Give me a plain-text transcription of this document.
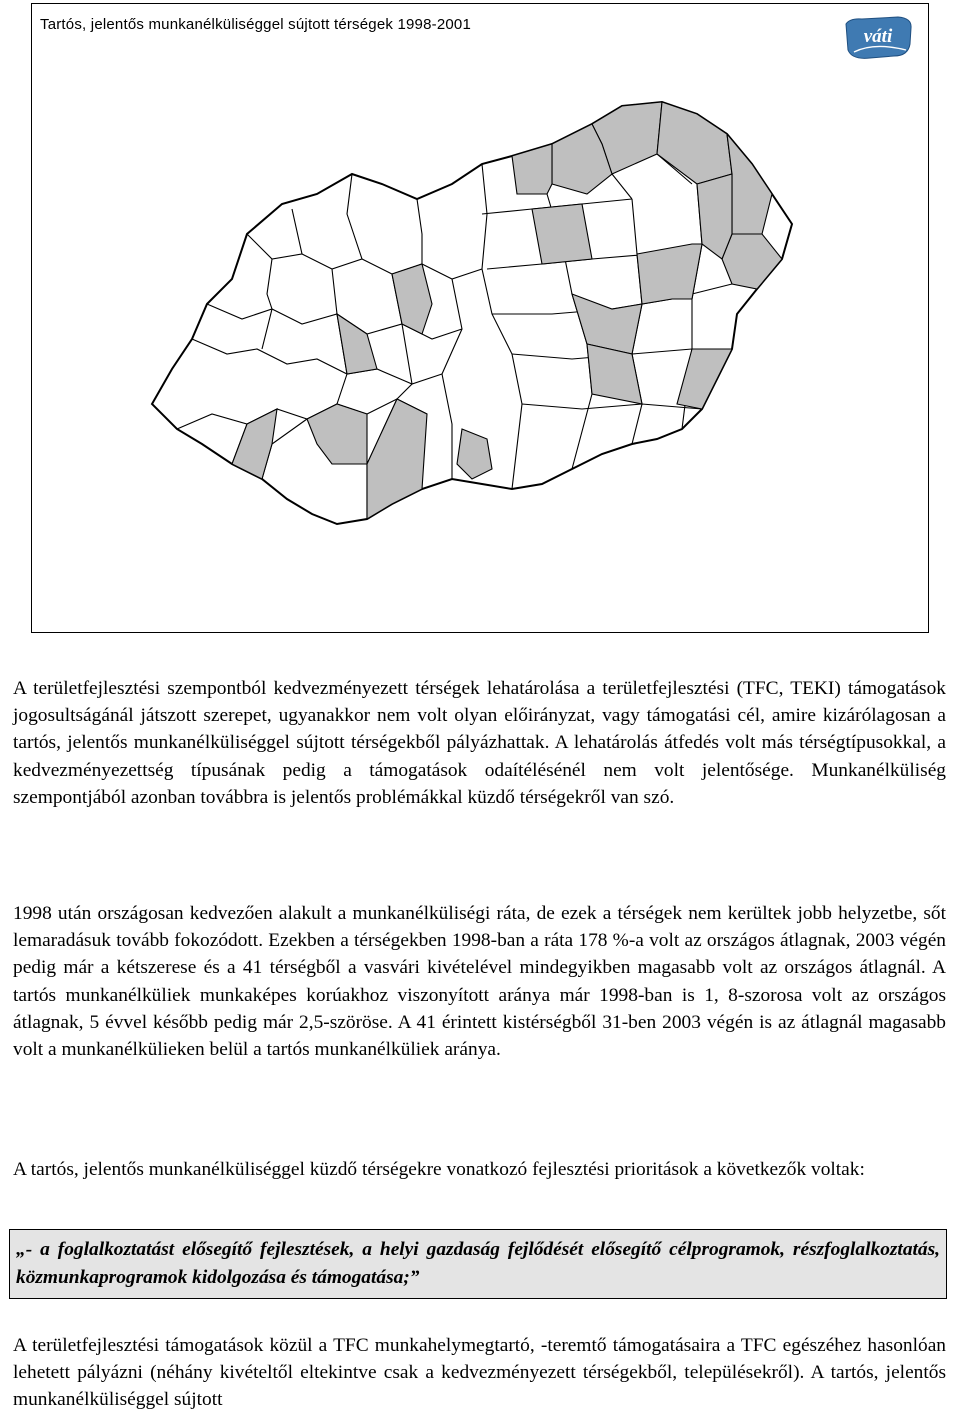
Tartós, jelentős munkanélküliséggel sújtott térségek 1998-2001
váti

A területfejlesztési szempontból kedvezményezett térségek lehatárolása a területfejlesztési (TFC, TEKI) támogatások jogosultságánál játszott szerepet, ugyanakkor nem volt olyan előirányzat, vagy támogatási cél, amire kizárólagosan a tartós, jelentős munkanélküliséggel sújtott térségekből pályázhattak. A lehatárolás átfedés volt más térségtípusokkal, a kedvezményezettség típusának pedig a támogatások odaítélésénél nem volt jelentősége. Munkanélküliség szempontjából azonban továbbra is jelentős problémákkal küzdő térségekről van szó.

1998 után országosan kedvezően alakult a munkanélküliségi ráta, de ezek a térségek nem kerültek jobb helyzetbe, sőt lemaradásuk tovább fokozódott. Ezekben a térségekben 1998-ban a ráta 178 %-a volt az országos átlagnak, 2003 végén pedig már a kétszerese és a 41 térségből a vasvári kivételével mindegyikben magasabb volt az országos átlagnál. A tartós munkanélküliek munkaképes korúakhoz viszonyított aránya már 1998-ban is 1, 8-szorosa volt az országos átlagnak, 5 évvel később pedig már 2,5-szöröse. A 41 érintett kistérségből 31-ben 2003 végén is az átlagnál magasabb volt a munkanélkülieken belül a tartós munkanélküliek aránya.

A tartós, jelentős munkanélküliséggel küzdő térségekre vonatkozó fejlesztési prioritások a következők voltak:

„- a foglalkoztatást elősegítő fejlesztések, a helyi gazdaság fejlődését elősegítő célprogramok, részfoglalkoztatás, közmunkaprogramok kidolgozása és támogatása;”

A területfejlesztési támogatások közül a TFC munkahelymegtartó, -teremtő támogatásaira a TFC egészéhez hasonlóan lehetett pályázni (néhány kivételtől eltekintve csak a kedvezményezett térségekből, településekről). A tartós, jelentős munkanélküliséggel sújtott
